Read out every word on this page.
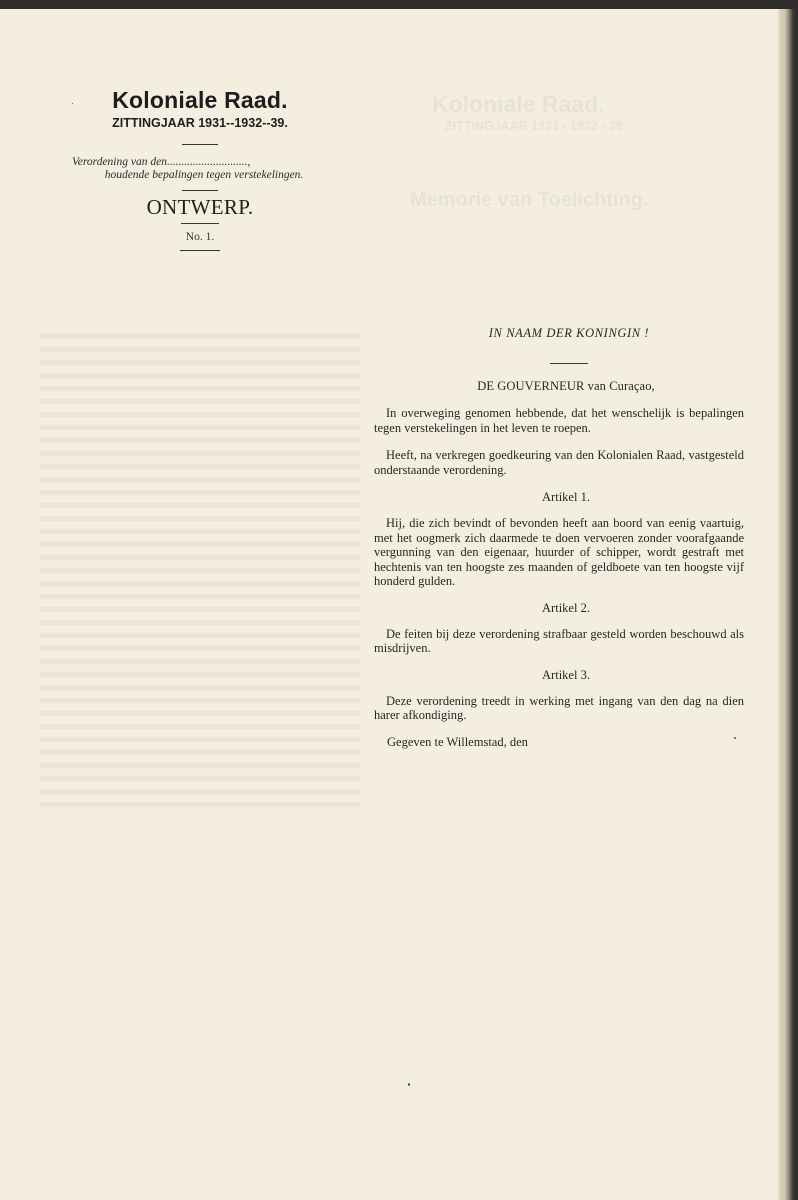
Koloniale Raad.
ZITTINGJAAR 1931 - 1932 - 39
Memorie van Toelichting.
Koloniale Raad.
ZITTINGJAAR 1931--1932--39.
Verordening van den............................,
houdende bepalingen tegen verstekelingen.
ONTWERP.
No. 1.
IN NAAM DER KONINGIN !
DE GOUVERNEUR van Curaçao,
In overweging genomen hebbende, dat het wenschelijk is bepalingen tegen verstekelingen in het leven te roepen.
Heeft, na verkregen goedkeuring van den Kolonialen Raad, vastgesteld onderstaande verordening.
Artikel 1.
Hij, die zich bevindt of bevonden heeft aan boord van eenig vaartuig, met het oogmerk zich daarmede te doen vervoeren zonder voorafgaande vergunning van den eigenaar, huurder of schipper, wordt gestraft met hechtenis van ten hoogste zes maanden of geldboete van ten hoogste vijf honderd gulden.
Artikel 2.
De feiten bij deze verordening strafbaar gesteld worden beschouwd als misdrijven.
Artikel 3.
Deze verordening treedt in werking met ingang van den dag na dien harer afkondiging.
Gegeven te Willemstad, den
